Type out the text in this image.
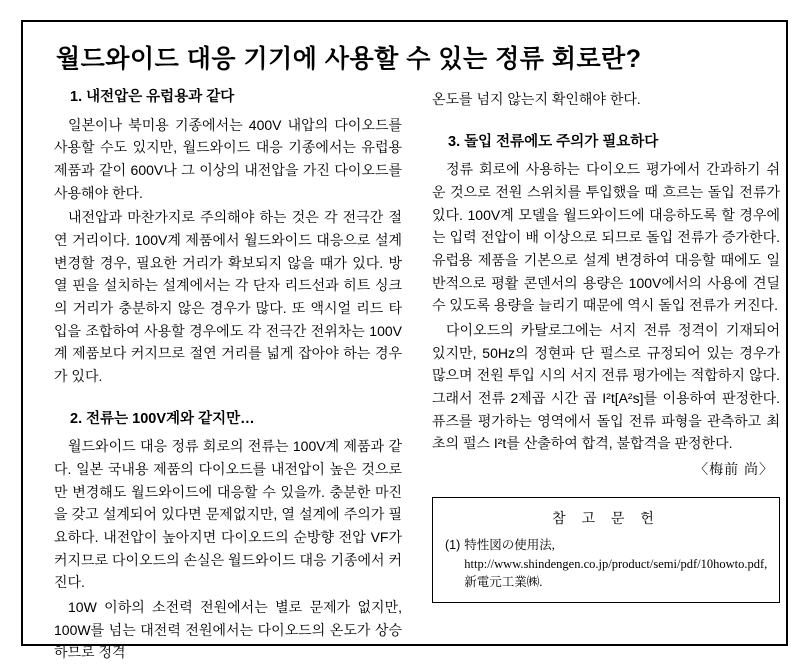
월드와이드 대응 기기에 사용할 수 있는 정류 회로란?
1. 내전압은 유럽용과 같다

일본이나 북미용 기종에서는 400V 내압의 다이오드를 사용할 수도 있지만, 월드와이드 대응 기종에서는 유럽용 제품과 같이 600V나 그 이상의 내전압을 가진 다이오드를 사용해야 한다.

내전압과 마찬가지로 주의해야 하는 것은 각 전극간 절연 거리이다. 100V계 제품에서 월드와이드 대응으로 설계 변경할 경우, 필요한 거리가 확보되지 않을 때가 있다. 방열 핀을 설치하는 설계에서는 각 단자 리드선과 히트 싱크의 거리가 충분하지 않은 경우가 많다. 또 액시얼 리드 타입을 조합하여 사용할 경우에도 각 전극간 전위차는 100V계 제품보다 커지므로 절연 거리를 넓게 잡아야 하는 경우가 있다.

2. 전류는 100V계와 같지만…

월드와이드 대응 정류 회로의 전류는 100V계 제품과 같다. 일본 국내용 제품의 다이오드를 내전압이 높은 것으로만 변경해도 월드와이드에 대응할 수 있을까. 충분한 마진을 갖고 설계되어 있다면 문제없지만, 열 설계에 주의가 필요하다. 내전압이 높아지면 다이오드의 순방향 전압 VF가 커지므로 다이오드의 손실은 월드와이드 대응 기종에서 커진다.

10W 이하의 소전력 전원에서는 별로 문제가 없지만, 100W를 넘는 대전력 전원에서는 다이오드의 온도가 상승하므로 정격

온도를 넘지 않는지 확인해야 한다.

3. 돌입 전류에도 주의가 필요하다

정류 회로에 사용하는 다이오드 평가에서 간과하기 쉬운 것으로 전원 스위치를 투입했을 때 흐르는 돌입 전류가 있다. 100V계 모델을 월드와이드에 대응하도록 할 경우에는 입력 전압이 배 이상으로 되므로 돌입 전류가 증가한다. 유럽용 제품을 기본으로 설계 변경하여 대응할 때에도 일반적으로 평활 콘덴서의 용량은 100V에서의 사용에 견딜 수 있도록 용량을 늘리기 때문에 역시 돌입 전류가 커진다.

다이오드의 카탈로그에는 서지 전류 정격이 기재되어 있지만, 50Hz의 정현파 단 펄스로 규정되어 있는 경우가 많으며 전원 투입 시의 서지 전류 평가에는 적합하지 않다. 그래서 전류 2제곱 시간 곱 I²t[A²s]를 이용하여 판정한다. 퓨즈를 평가하는 영역에서 돌입 전류 파형을 관측하고 최초의 펄스 I²t를 산출하여 합격, 불합격을 판정한다.

〈梅前 尚〉
참 고 문 헌
(1) 特性図の使用法, http://www.shindengen.co.jp/product/semi/pdf/10howto.pdf, 新電元工業㈱.
